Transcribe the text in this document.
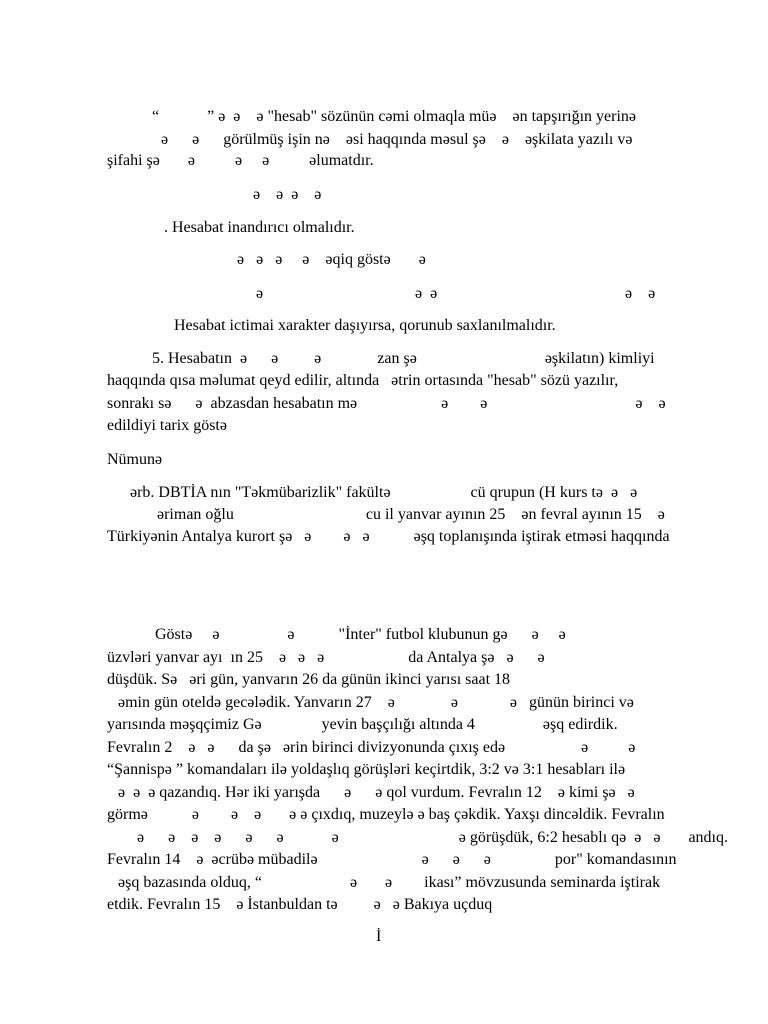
“            ” ə  ə    ə "hesab" sözünün cəmi olmaqla müə    ən tapşırığın yerinə
ə      ə      görülmüş işin nə    əsi haqqında məsul şə    ə    əşkilata yazılı və
şifahi şə       ə          ə     ə          əlumatdır.
ə    ə  ə    ə
. Hesabat inandırıcı olmalıdır.
ə   ə   ə     ə    əqiq göstə       ə
ə	ə  ə	ə    ə
Hesabat ictimai xarakter daşıyırsa, qorunub saxlanılmalıdır.
5. Hesabatın  ə      ə         ə              zan şə                                əşkilatın) kimliyi
haqqında qısa məlumat qeyd edilir, altında   ətrin ortasında "hesab" sözü yazılır,
sonrakı sə      ə  abzasdan hesabatın mə                     ə        ə                                     ə    ə
edildiyi tarix göstə
Nümunə
ərb. DBTİA nın "Təkmübarizlik" fakültə                    cü qrupun (H kurs tə  ə   ə
əriman oğlu                                 cu il yanvar ayının 25    ən fevral ayının 15    ə
Türkiyənin Antalya kurort şə   ə        ə   ə           əşq toplanışında iştirak etməsi haqqında
Göstə     ə                 ə           "İnter" futbol klubunun gə      ə     ə
üzvləri yanvar ayı  ın 25    ə   ə   ə                     da Antalya şə   ə      ə
düşdük. Sə   əri gün, yanvarın 26 da günün ikinci yarısı saat 18
əmin gün oteldə gecələdik. Yanvarın 27    ə              ə             ə   günün birinci və
yarısında məşqçimiz Gə               yevin başçılığı altında 4                 əşq edirdik.
Fevralın 2    ə   ə      da şə   ərin birinci divizyonunda çıxış edə                   ə          ə
“Şannispə ” komandaları ilə yoldaşlıq görüşləri keçirtdik, 3:2 və 3:1 hesabları ilə
ə  ə  ə qazandıq. Hər iki yarışda      ə      ə qol vurdum. Fevralın 12    ə kimi şə   ə
görmə           ə        ə    ə       ə ə çıxdıq, muzeylə ə baş çəkdik. Yaxşı dincəldik. Fevralın
ə      ə    ə    ə      ə      ə            ə                              ə görüşdük, 6:2 hesablı qə  ə   ə       andıq.
Fevralın 14    ə  əcrübə mübadilə                          ə      ə      ə                por" komandasının
əşq bazasında olduq, “                      ə       ə        ikası” mövzusunda seminarda iştirak
etdik. Fevralın 15    ə İstanbuldan tə         ə   ə Bakıya uçduq
İ
